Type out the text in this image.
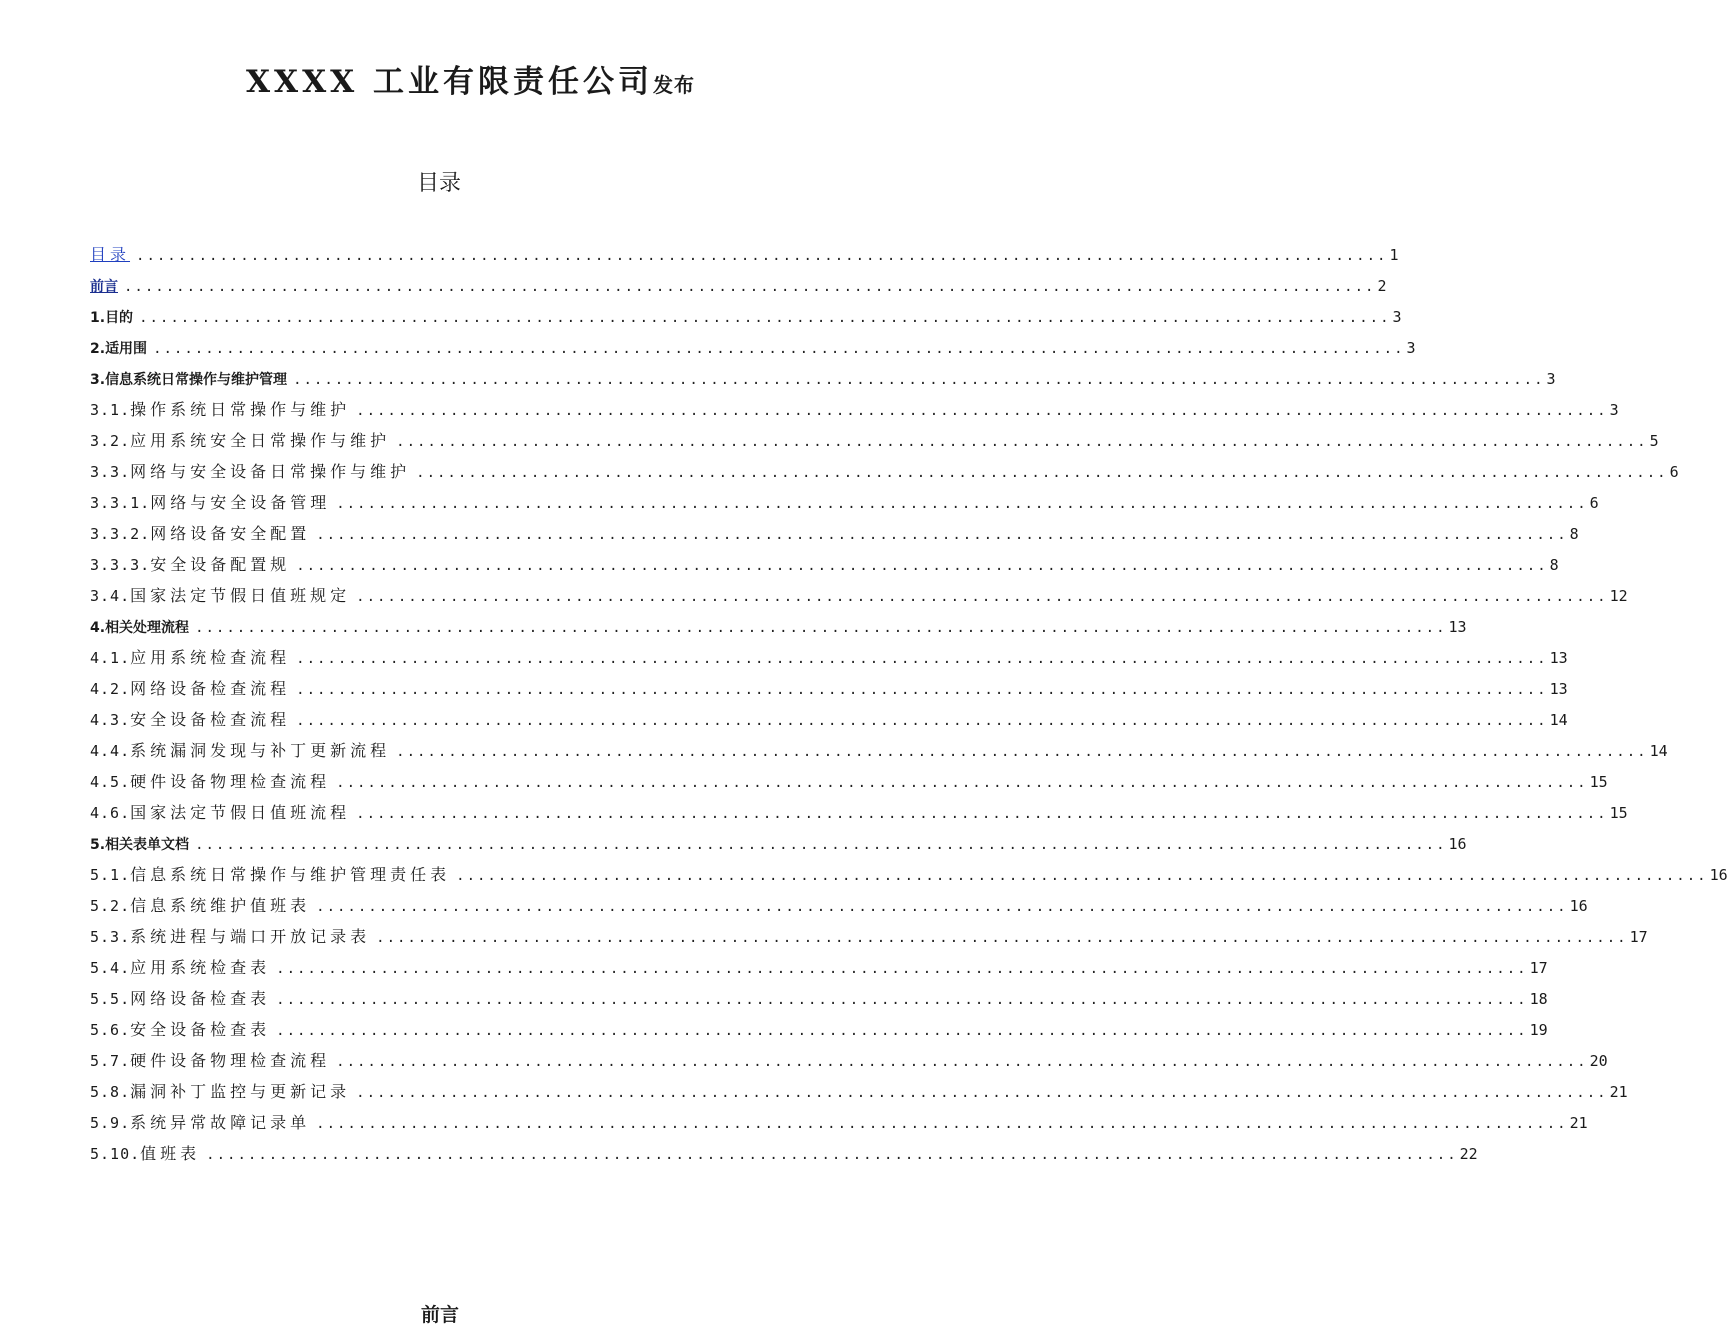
XXXX 工业有限责任公司发布
目录
目录 ........................................................................................................................ 1
前言 ........................................................................................................................ 2
1. 目的 ........................................................................................................................ 3
2. 适用围 ........................................................................................................................ 3
3. 信息系统日常操作与维护管理 ........................................................................................................................ 3
3.1. 操作系统日常操作与维护 ........................................................................................................................ 3
3.2. 应用系统安全日常操作与维护 ........................................................................................................................ 5
3.3. 网络与安全设备日常操作与维护 ........................................................................................................................ 6
3.3.1. 网络与安全设备管理 ........................................................................................................................ 6
3.3.2. 网络设备安全配置 ........................................................................................................................ 8
3.3.3. 安全设备配置规 ........................................................................................................................ 8
3.4. 国家法定节假日值班规定 ........................................................................................................................ 12
4. 相关处理流程 ........................................................................................................................ 13
4.1. 应用系统检查流程 ........................................................................................................................ 13
4.2. 网络设备检查流程 ........................................................................................................................ 13
4.3. 安全设备检查流程 ........................................................................................................................ 14
4.4. 系统漏洞发现与补丁更新流程 ........................................................................................................................ 14
4.5. 硬件设备物理检查流程 ........................................................................................................................ 15
4.6. 国家法定节假日值班流程 ........................................................................................................................ 15
5. 相关表单文档 ........................................................................................................................ 16
5.1. 信息系统日常操作与维护管理责任表 ........................................................................................................................ 16
5.2. 信息系统维护值班表 ........................................................................................................................ 16
5.3. 系统进程与端口开放记录表 ........................................................................................................................ 17
5.4. 应用系统检查表 ........................................................................................................................ 17
5.5. 网络设备检查表 ........................................................................................................................ 18
5.6. 安全设备检查表 ........................................................................................................................ 19
5.7. 硬件设备物理检查流程 ........................................................................................................................ 20
5.8. 漏洞补丁监控与更新记录 ........................................................................................................................ 21
5.9. 系统异常故障记录单 ........................................................................................................................ 21
5.10. 值班表 ........................................................................................................................ 22
前言
